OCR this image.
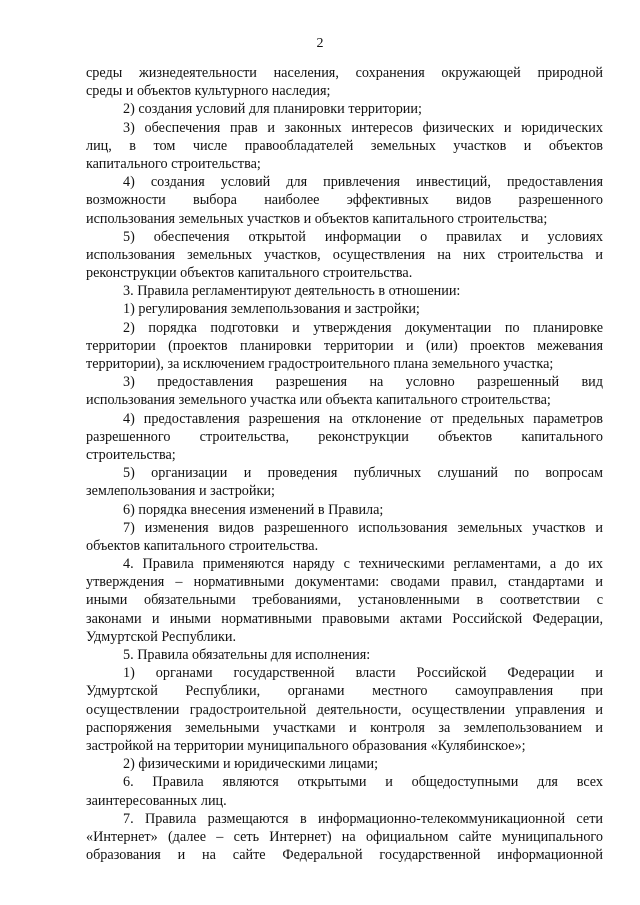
2
среды жизнедеятельности населения, сохранения окружающей природной
среды и объектов культурного наследия;
2) создания условий для планировки территории;
3) обеспечения прав и законных интересов физических и юридических
лиц, в том числе правообладателей земельных участков и объектов
капитального строительства;
4) создания условий для привлечения инвестиций, предоставления
возможности выбора наиболее эффективных видов разрешенного
использования земельных участков и объектов капитального строительства;
5) обеспечения открытой информации о правилах и условиях
использования земельных участков, осуществления на них строительства и
реконструкции объектов капитального строительства.
3. Правила регламентируют деятельность в отношении:
1) регулирования землепользования и застройки;
2) порядка подготовки и утверждения документации по планировке
территории (проектов планировки территории и (или) проектов межевания
территории), за исключением градостроительного плана земельного участка;
3) предоставления разрешения на условно разрешенный вид
использования земельного участка или объекта капитального строительства;
4) предоставления разрешения на отклонение от предельных параметров
разрешенного строительства, реконструкции объектов капитального
строительства;
5) организации и проведения публичных слушаний по вопросам
землепользования и застройки;
6) порядка внесения изменений в Правила;
7) изменения видов разрешенного использования земельных участков и
объектов капитального строительства.
4. Правила применяются наряду с техническими регламентами, а до их
утверждения – нормативными документами: сводами правил, стандартами и
иными обязательными требованиями, установленными в соответствии с
законами и иными нормативными правовыми актами Российской Федерации,
Удмуртской Республики.
5. Правила обязательны для исполнения:
1) органами государственной власти Российской Федерации и
Удмуртской Республики, органами местного самоуправления при
осуществлении градостроительной деятельности, осуществлении управления и
распоряжения земельными участками и контроля за землепользованием и
застройкой на территории муниципального образования «Кулябинское»;
2) физическими и юридическими лицами;
6. Правила являются открытыми и общедоступными для всех
заинтересованных лиц.
7. Правила размещаются в информационно-телекоммуникационной сети
«Интернет» (далее – сеть Интернет) на официальном сайте муниципального
образования и на сайте Федеральной государственной информационной
